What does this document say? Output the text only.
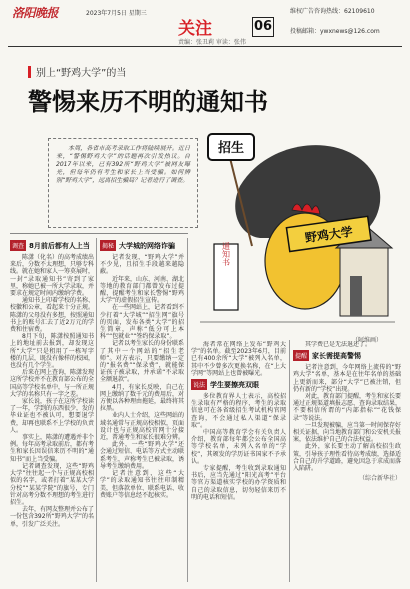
洛阳晚报	2023年7月5日 星期三
关注
责编：张丑莉 审读：张伟
06
维权广告咨询热线：62109610
投稿邮箱：ywxnews@126.com
别上“野鸡大学”的当
警惕来历不明的通知书

本周，各省市高考录取工作将陆续展开。近日来，“警惕野鸡大学”的话题再次引发热议。自2017年以来，已有392所“野鸡大学”被网友曝光，但每年仍有考生和家长上当受骗。如何辨别“野鸡大学”，远离招生骗局？记者进行了调查。

招生
通知书
野鸡大学
（阿维画）
调查 8月前后都有人上当

陈潇（化名）的高考成绩出来后，分数不太理想，只够专科线。就在她和家人一筹莫展时，一封“录取通知书”寄到了家里，称她已被一所大学录取，并要求在规定时间内缴纳学费。

通知书上印着学校的名称、校徽和公章，看起来十分正规。陈潇的父母没有多想，按照通知书上的账号汇去了近2万元的学费和住宿费。

8月下旬，陈潇按照通知书上的地址前去报到，却发现这所“大学”只是租用了一栋写字楼的几层，既没有像样的校园，也没有几个学生。

后来在网上查询，陈潇发现这所学校并不在教育部公布的全国高等学校名单中，与一所正规大学的名称只有一字之差。

家长说，孩子在这所学校读了一年，学到的东西很少，发的毕业证也不被认可，想要退学费，却再也联系不上学校的负责人。

事实上，陈潇的遭遇并非个例。每年高考录取前后，都有考生和家长因误信来历不明的“通知书”而上当受骗。

记者调查发现，这些“野鸡大学”往往起一个与正规高校相似的名字，或者打着“某某大学分校”“某某学院”的旗号，专门针对高考分数不理想的考生进行招生。

去年，有网友整理并公布了一份包含392所“野鸡大学”的名单，引发广泛关注。

揭秘 大学城的网络诈骗

记者发现，“野鸡大学”并不少见，且招生手段越来越隐蔽。

近年来，山东、河南、湖北等地的教育部门都曾发布过提醒，提醒考生和家长警惕“野鸡大学”的虚假招生宣传。

在一些网站上，记者看到不少打着“大学城”“招生网”旗号的页面，发布各类“大学”的招生简章，声称“低分可上本科”“包就业”“签约保录取”。

记者以考生家长的身份联系了其中一个网站的“招生老师”。对方表示，只要缴纳一定的“报名费”“保录费”，就能保证孩子被录取，并承诺“不录取全额退款”。

4月，有家长反映，自己在网上缴纳了数千元的费用后，对方便以各种理由拖延，最终将其拉黑。

业内人士介绍，这些网站的域名通常与正规高校相似，页面设计也与正规高校官网十分接近，普通考生和家长很难分辨。

此外，一些“野鸡大学”还会通过短信、电话等方式主动联系考生，声称考生已被录取，诱导考生缴纳费用。

记者注意到，这些“大学”的录取通知书往往印制精美，但落款单位、联系电话、收费账户等信息经不起核实。

海者常在网络上发布“野鸡大学”的名单。截至2023年6月，目前已有400余所“大学”被列入名单，其中不少曾多次更换名称，在“上大学网”等网站上也曾被曝光。

说法 学生要擦亮双眼

多位教育界人士表示，高校招生录取有严格的程序，考生的录取信息可在各省级招生考试机构官网查询，不会通过私人渠道“保录取”。

中国高等教育学会有关负责人介绍，教育部每年都会公布全国高等学校名单，未列入名单的“学校”，其颁发的学历证书国家不予承认。

专家提醒，考生收到录取通知书后，应当先通过“阳光高考”平台等官方渠道核实学校的办学资质和自己的录取信息，切勿轻信来历不明的电话和短信。

其学费已是无法退还了。

提醒 家长需提高警惕

记者注意到，今年网络上流传的“野鸡大学”名单，基本是在往年名单的基础上更新而来，部分“大学”已被注销，但仍有新的“学校”出现。

对此，教育部门提醒，考生和家长要通过正规渠道填报志愿、查询录取结果，不要相信所谓的“内部指标”“花钱保录”等说法。

一旦发现被骗，应当第一时间保存好相关证据，向当地教育部门和公安机关报案，依法维护自己的合法权益。

此外，家长要主动了解高校招生政策，引导孩子理性看待高考成绩，选择适合自己的升学道路，避免因急于求成而落入陷阱。

（综合新华社）
